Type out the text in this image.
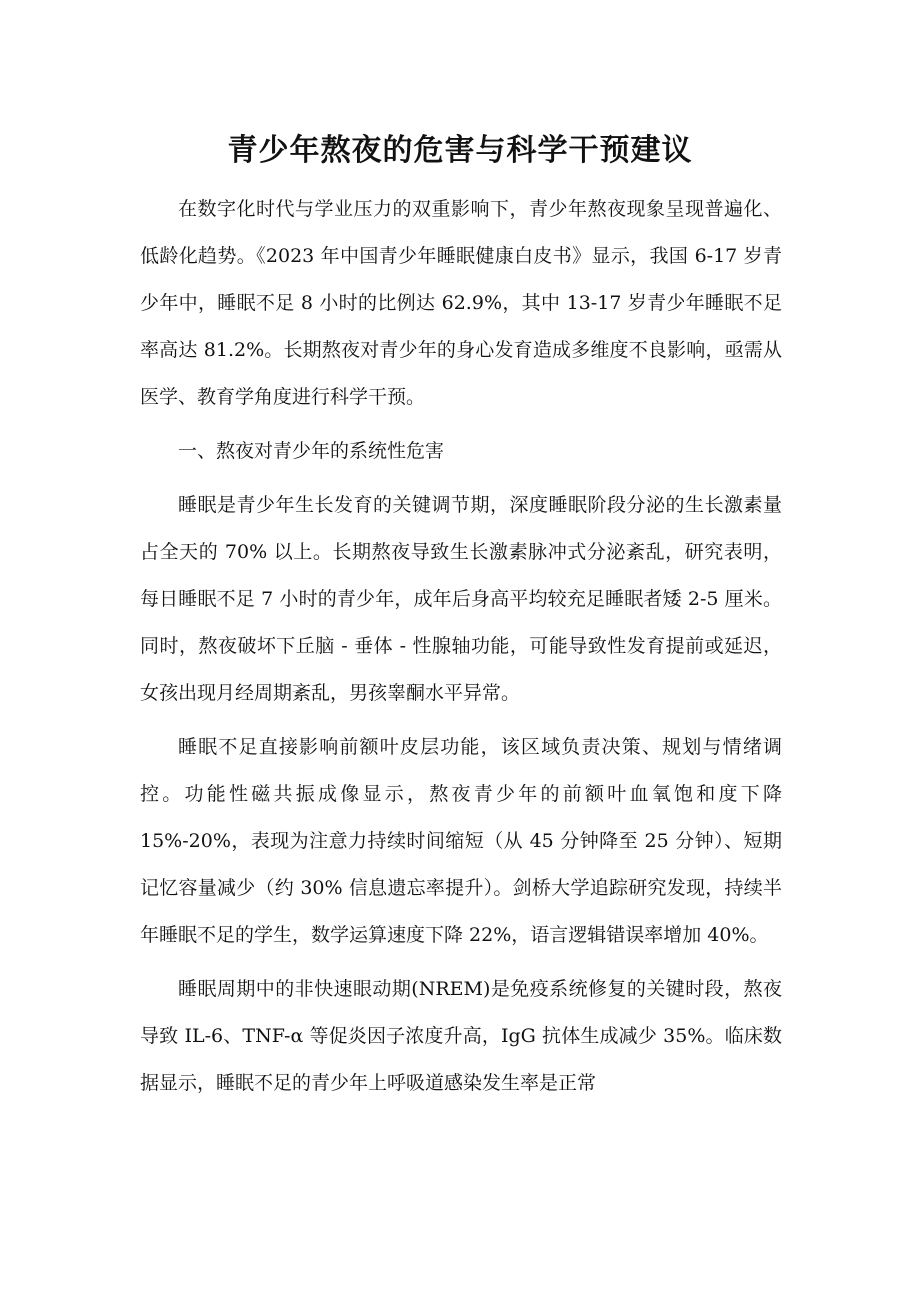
青少年熬夜的危害与科学干预建议

在数字化时代与学业压力的双重影响下，青少年熬夜现象呈现普遍化、低龄化趋势。《2023 年中国青少年睡眠健康白皮书》显示，我国 6-17 岁青少年中，睡眠不足 8 小时的比例达 62.9%，其中 13-17 岁青少年睡眠不足率高达 81.2%。长期熬夜对青少年的身心发育造成多维度不良影响，亟需从医学、教育学角度进行科学干预。

一、熬夜对青少年的系统性危害

睡眠是青少年生长发育的关键调节期，深度睡眠阶段分泌的生长激素量占全天的 70% 以上。长期熬夜导致生长激素脉冲式分泌紊乱，研究表明，每日睡眠不足 7 小时的青少年，成年后身高平均较充足睡眠者矮 2-5 厘米。同时，熬夜破坏下丘脑 - 垂体 - 性腺轴功能，可能导致性发育提前或延迟，女孩出现月经周期紊乱，男孩睾酮水平异常。

睡眠不足直接影响前额叶皮层功能，该区域负责决策、规划与情绪调控。功能性磁共振成像显示，熬夜青少年的前额叶血氧饱和度下降 15%-20%，表现为注意力持续时间缩短（从 45 分钟降至 25 分钟）、短期记忆容量减少（约 30% 信息遗忘率提升）。剑桥大学追踪研究发现，持续半年睡眠不足的学生，数学运算速度下降 22%，语言逻辑错误率增加 40%。

睡眠周期中的非快速眼动期(NREM)是免疫系统修复的关键时段，熬夜导致 IL-6、TNF-α 等促炎因子浓度升高，IgG 抗体生成减少 35%。临床数据显示，睡眠不足的青少年上呼吸道感染发生率是正常
